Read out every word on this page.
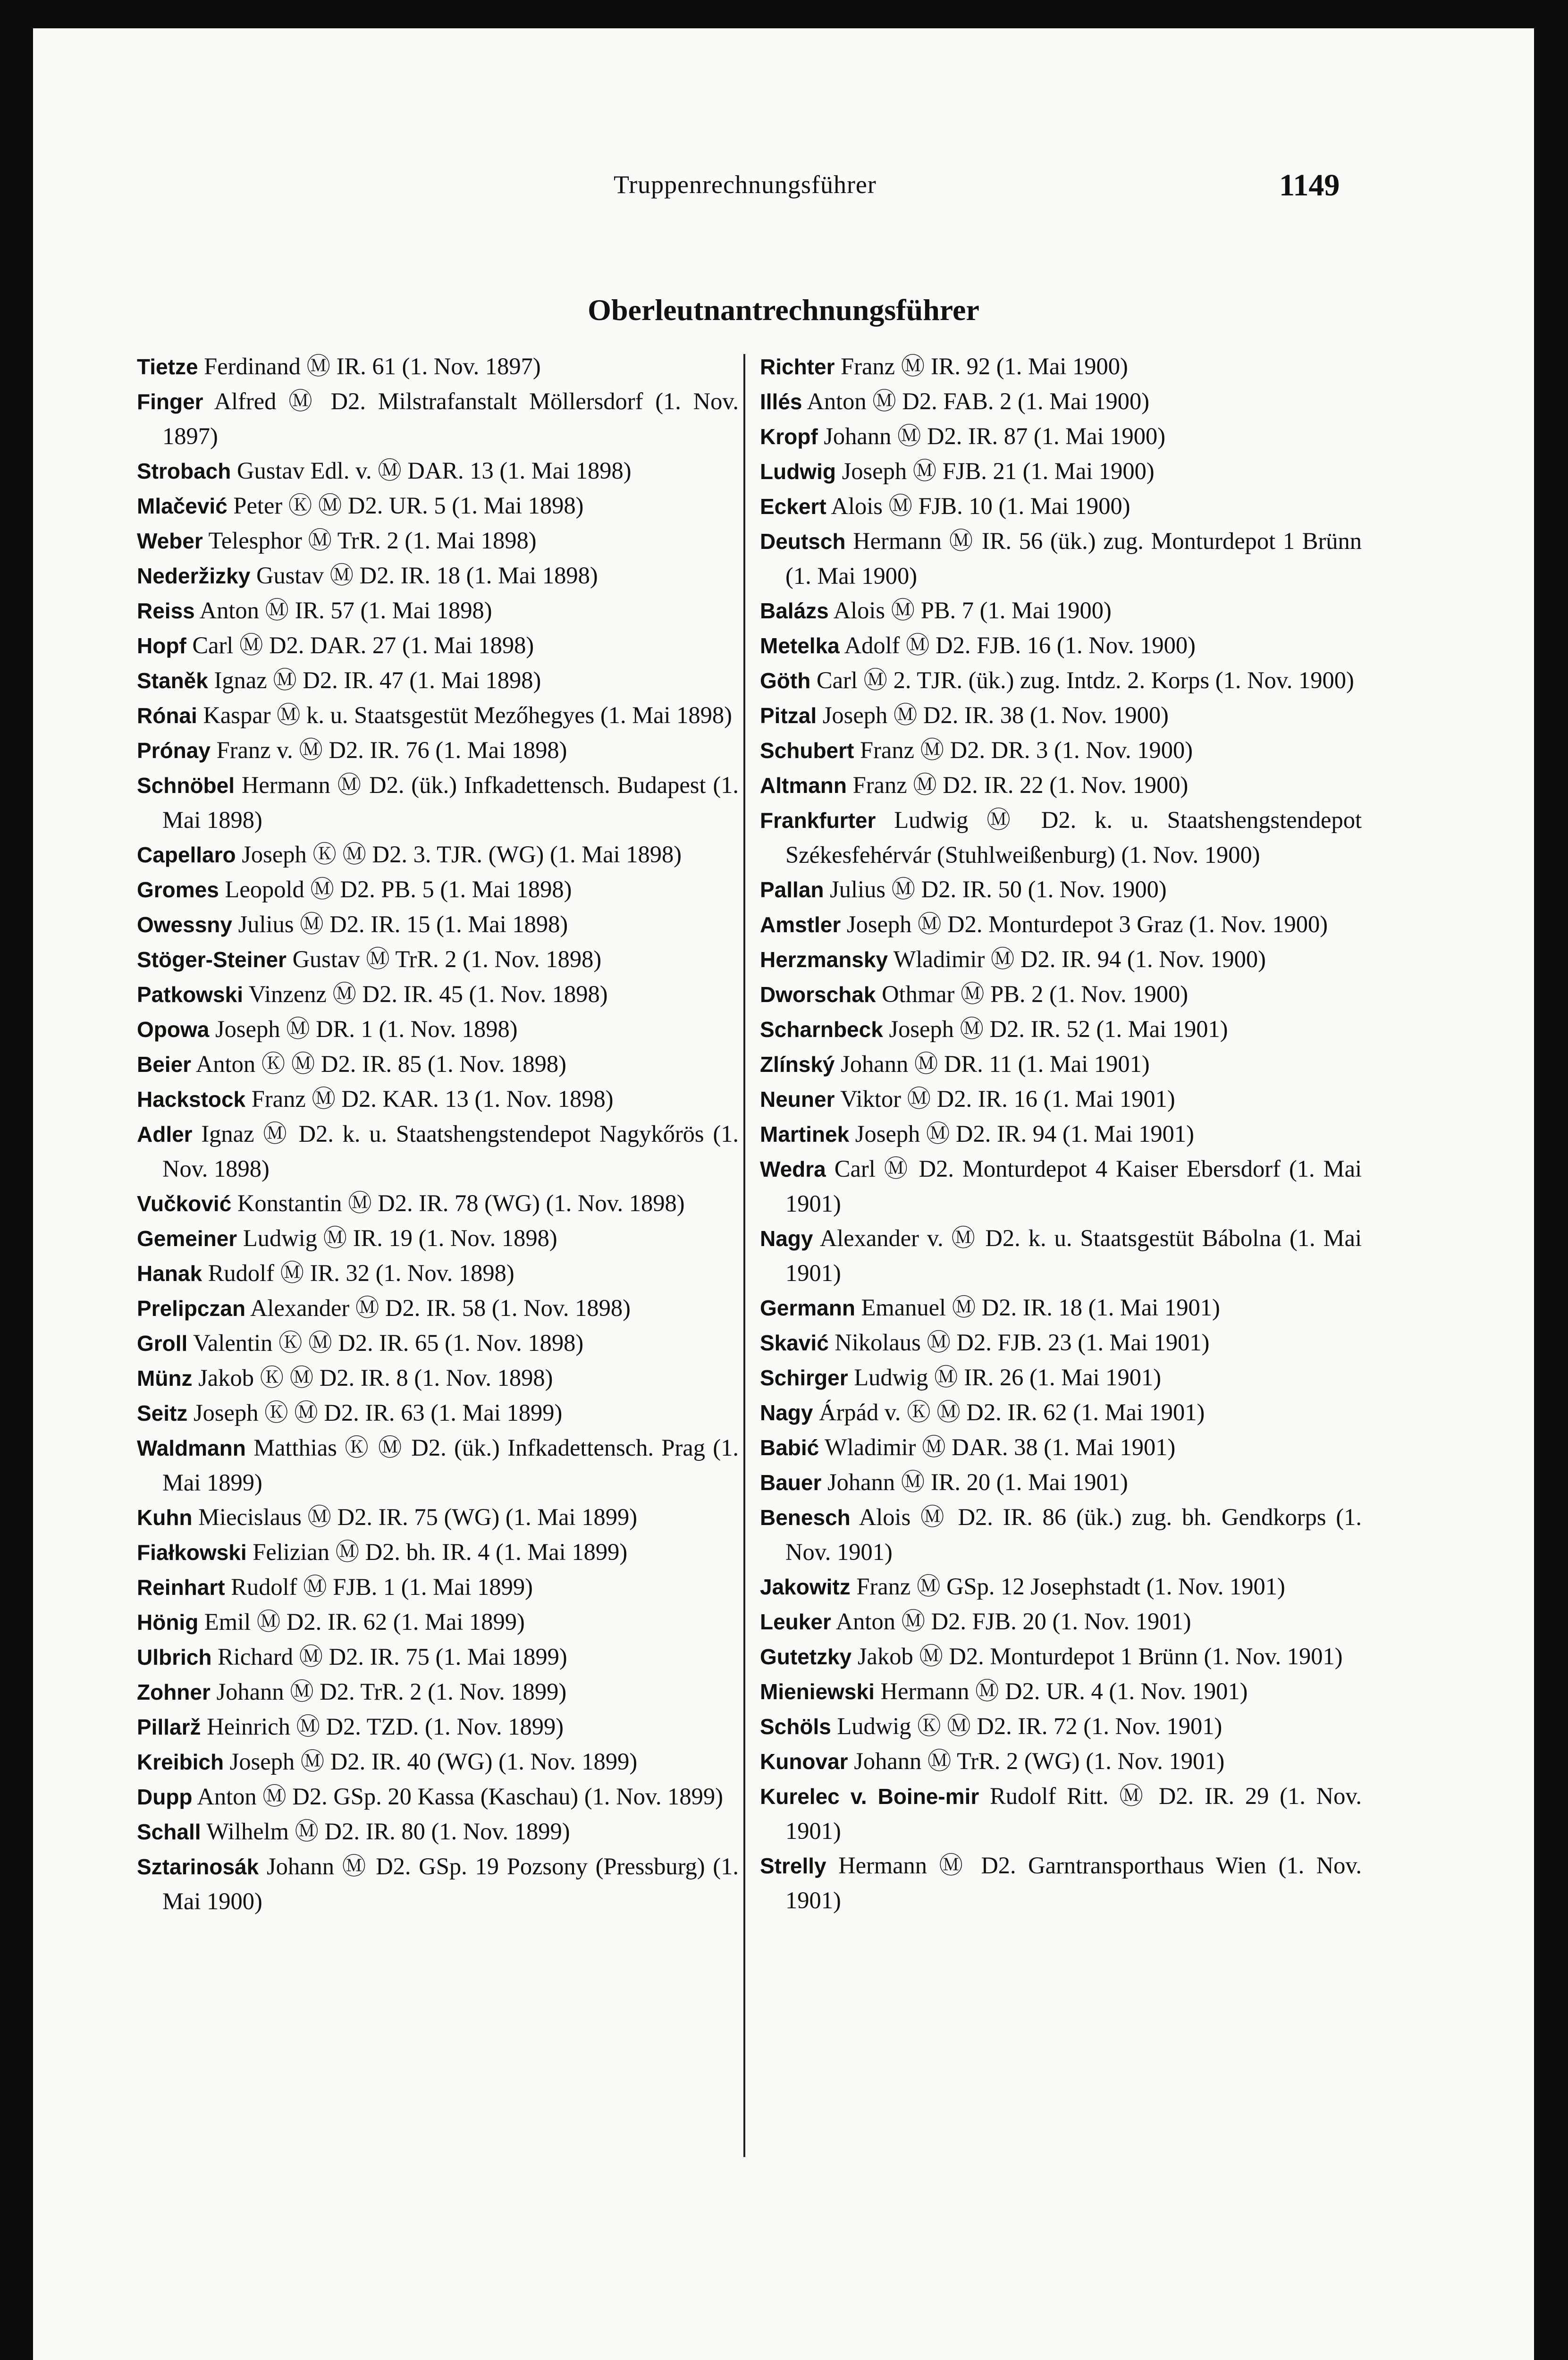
Truppenrechnungsführer	1149
Oberleutnantrechnungsführer
Tietze Ferdinand Ⓜ IR. 61 (1. Nov. 1897)
Finger Alfred Ⓜ D2. Milstrafanstalt Möllersdorf (1. Nov. 1897)
Strobach Gustav Edl. v. Ⓜ DAR. 13 (1. Mai 1898)
Mlačević Peter Ⓚ Ⓜ D2. UR. 5 (1. Mai 1898)
Weber Telesphor Ⓜ TrR. 2 (1. Mai 1898)
Nederžizky Gustav Ⓜ D2. IR. 18 (1. Mai 1898)
Reiss Anton Ⓜ IR. 57 (1. Mai 1898)
Hopf Carl Ⓜ D2. DAR. 27 (1. Mai 1898)
Staněk Ignaz Ⓜ D2. IR. 47 (1. Mai 1898)
Rónai Kaspar Ⓜ k. u. Staatsgestüt Mezőhegyes (1. Mai 1898)
Prónay Franz v. Ⓜ D2. IR. 76 (1. Mai 1898)
Schnöbel Hermann Ⓜ D2. (ük.) Infkadettensch. Budapest (1. Mai 1898)
Capellaro Joseph Ⓚ Ⓜ D2. 3. TJR. (WG) (1. Mai 1898)
Gromes Leopold Ⓜ D2. PB. 5 (1. Mai 1898)
Owessny Julius Ⓜ D2. IR. 15 (1. Mai 1898)
Stöger-Steiner Gustav Ⓜ TrR. 2 (1. Nov. 1898)
Patkowski Vinzenz Ⓜ D2. IR. 45 (1. Nov. 1898)
Opowa Joseph Ⓜ DR. 1 (1. Nov. 1898)
Beier Anton Ⓚ Ⓜ D2. IR. 85 (1. Nov. 1898)
Hackstock Franz Ⓜ D2. KAR. 13 (1. Nov. 1898)
Adler Ignaz Ⓜ D2. k. u. Staatshengstendepot Nagykőrös (1. Nov. 1898)
Vučković Konstantin Ⓜ D2. IR. 78 (WG) (1. Nov. 1898)
Gemeiner Ludwig Ⓜ IR. 19 (1. Nov. 1898)
Hanak Rudolf Ⓜ IR. 32 (1. Nov. 1898)
Prelipczan Alexander Ⓜ D2. IR. 58 (1. Nov. 1898)
Groll Valentin Ⓚ Ⓜ D2. IR. 65 (1. Nov. 1898)
Münz Jakob Ⓚ Ⓜ D2. IR. 8 (1. Nov. 1898)
Seitz Joseph Ⓚ Ⓜ D2. IR. 63 (1. Mai 1899)
Waldmann Matthias Ⓚ Ⓜ D2. (ük.) Infkadettensch. Prag (1. Mai 1899)
Kuhn Miecislaus Ⓜ D2. IR. 75 (WG) (1. Mai 1899)
Fiałkowski Felizian Ⓜ D2. bh. IR. 4 (1. Mai 1899)
Reinhart Rudolf Ⓜ FJB. 1 (1. Mai 1899)
Hönig Emil Ⓜ D2. IR. 62 (1. Mai 1899)
Ulbrich Richard Ⓜ D2. IR. 75 (1. Mai 1899)
Zohner Johann Ⓜ D2. TrR. 2 (1. Nov. 1899)
Pillarž Heinrich Ⓜ D2. TZD. (1. Nov. 1899)
Kreibich Joseph Ⓜ D2. IR. 40 (WG) (1. Nov. 1899)
Dupp Anton Ⓜ D2. GSp. 20 Kassa (Kaschau) (1. Nov. 1899)
Schall Wilhelm Ⓜ D2. IR. 80 (1. Nov. 1899)
Sztarinosák Johann Ⓜ D2. GSp. 19 Pozsony (Pressburg) (1. Mai 1900)
Richter Franz Ⓜ IR. 92 (1. Mai 1900)
Illés Anton Ⓜ D2. FAB. 2 (1. Mai 1900)
Kropf Johann Ⓜ D2. IR. 87 (1. Mai 1900)
Ludwig Joseph Ⓜ FJB. 21 (1. Mai 1900)
Eckert Alois Ⓜ FJB. 10 (1. Mai 1900)
Deutsch Hermann Ⓜ IR. 56 (ük.) zug. Monturdepot 1 Brünn (1. Mai 1900)
Balázs Alois Ⓜ PB. 7 (1. Mai 1900)
Metelka Adolf Ⓜ D2. FJB. 16 (1. Nov. 1900)
Göth Carl Ⓜ 2. TJR. (ük.) zug. Intdz. 2. Korps (1. Nov. 1900)
Pitzal Joseph Ⓜ D2. IR. 38 (1. Nov. 1900)
Schubert Franz Ⓜ D2. DR. 3 (1. Nov. 1900)
Altmann Franz Ⓜ D2. IR. 22 (1. Nov. 1900)
Frankfurter Ludwig Ⓜ D2. k. u. Staatshengstendepot Székesfehérvár (Stuhlweißenburg) (1. Nov. 1900)
Pallan Julius Ⓜ D2. IR. 50 (1. Nov. 1900)
Amstler Joseph Ⓜ D2. Monturdepot 3 Graz (1. Nov. 1900)
Herzmansky Wladimir Ⓜ D2. IR. 94 (1. Nov. 1900)
Dworschak Othmar Ⓜ PB. 2 (1. Nov. 1900)
Scharnbeck Joseph Ⓜ D2. IR. 52 (1. Mai 1901)
Zlínský Johann Ⓜ DR. 11 (1. Mai 1901)
Neuner Viktor Ⓜ D2. IR. 16 (1. Mai 1901)
Martinek Joseph Ⓜ D2. IR. 94 (1. Mai 1901)
Wedra Carl Ⓜ D2. Monturdepot 4 Kaiser Ebersdorf (1. Mai 1901)
Nagy Alexander v. Ⓜ D2. k. u. Staatsgestüt Bábolna (1. Mai 1901)
Germann Emanuel Ⓜ D2. IR. 18 (1. Mai 1901)
Skavić Nikolaus Ⓜ D2. FJB. 23 (1. Mai 1901)
Schirger Ludwig Ⓜ IR. 26 (1. Mai 1901)
Nagy Árpád v. Ⓚ Ⓜ D2. IR. 62 (1. Mai 1901)
Babić Wladimir Ⓜ DAR. 38 (1. Mai 1901)
Bauer Johann Ⓜ IR. 20 (1. Mai 1901)
Benesch Alois Ⓜ D2. IR. 86 (ük.) zug. bh. Gendkorps (1. Nov. 1901)
Jakowitz Franz Ⓜ GSp. 12 Josephstadt (1. Nov. 1901)
Leuker Anton Ⓜ D2. FJB. 20 (1. Nov. 1901)
Gutetzky Jakob Ⓜ D2. Monturdepot 1 Brünn (1. Nov. 1901)
Mieniewski Hermann Ⓜ D2. UR. 4 (1. Nov. 1901)
Schöls Ludwig Ⓚ Ⓜ D2. IR. 72 (1. Nov. 1901)
Kunovar Johann Ⓜ TrR. 2 (WG) (1. Nov. 1901)
Kurelec v. Boine-mir Rudolf Ritt. Ⓜ D2. IR. 29 (1. Nov. 1901)
Strelly Hermann Ⓜ D2. Garntransporthaus Wien (1. Nov. 1901)
